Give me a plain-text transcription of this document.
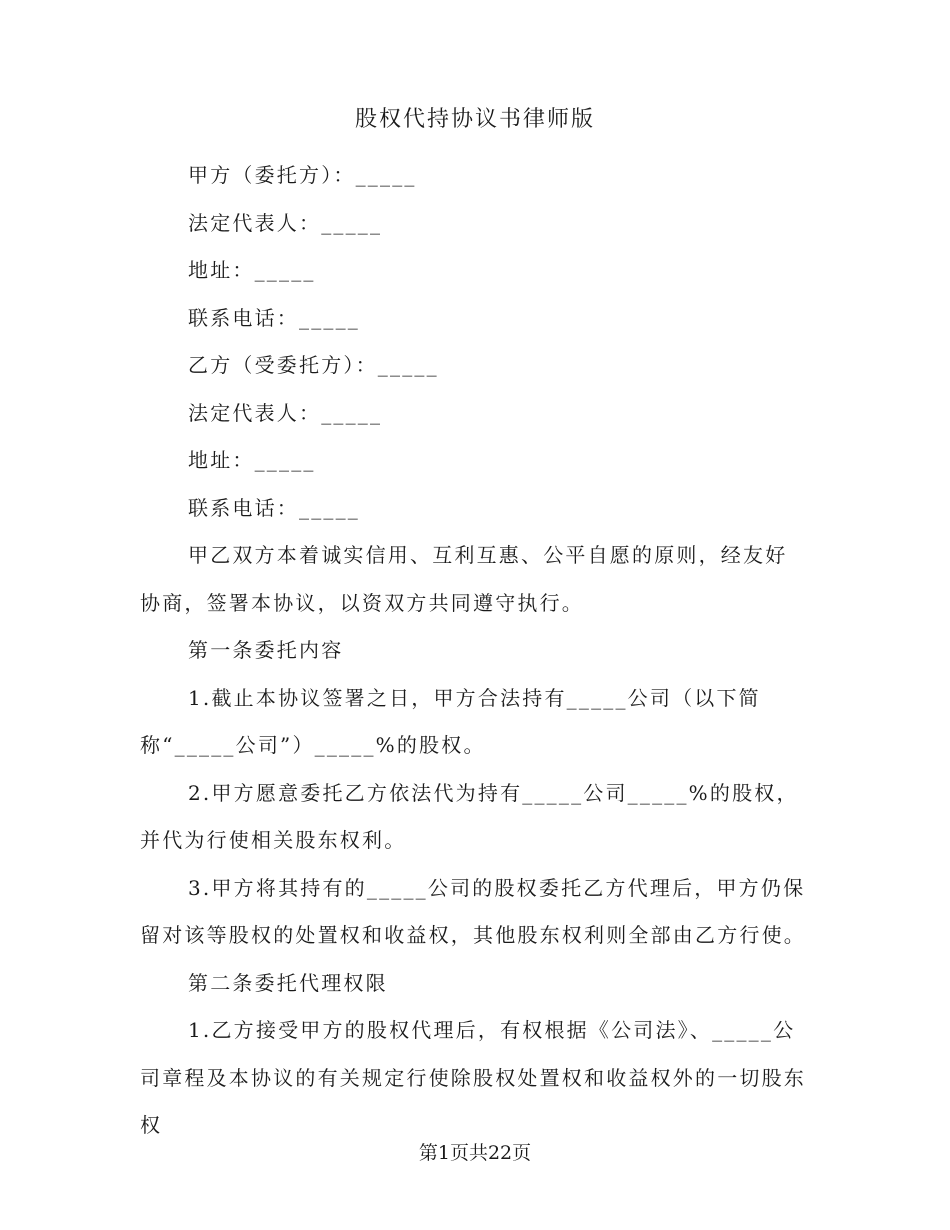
股权代持协议书律师版

甲方（委托方）：_____

法定代表人：_____

地址：_____

联系电话：_____

乙方（受委托方）：_____

法定代表人：_____

地址：_____

联系电话：_____

甲乙双方本着诚实信用、互利互惠、公平自愿的原则，经友好协商，签署本协议，以资双方共同遵守执行。

第一条委托内容

1.截止本协议签署之日，甲方合法持有_____公司（以下简称“_____公司”）_____%的股权。

2.甲方愿意委托乙方依法代为持有_____公司_____%的股权，并代为行使相关股东权利。

3.甲方将其持有的_____公司的股权委托乙方代理后，甲方仍保留对该等股权的处置权和收益权，其他股东权利则全部由乙方行使。

第二条委托代理权限

1.乙方接受甲方的股权代理后，有权根据《公司法》、_____公司章程及本协议的有关规定行使除股权处置权和收益权外的一切股东权

第1页共22页
